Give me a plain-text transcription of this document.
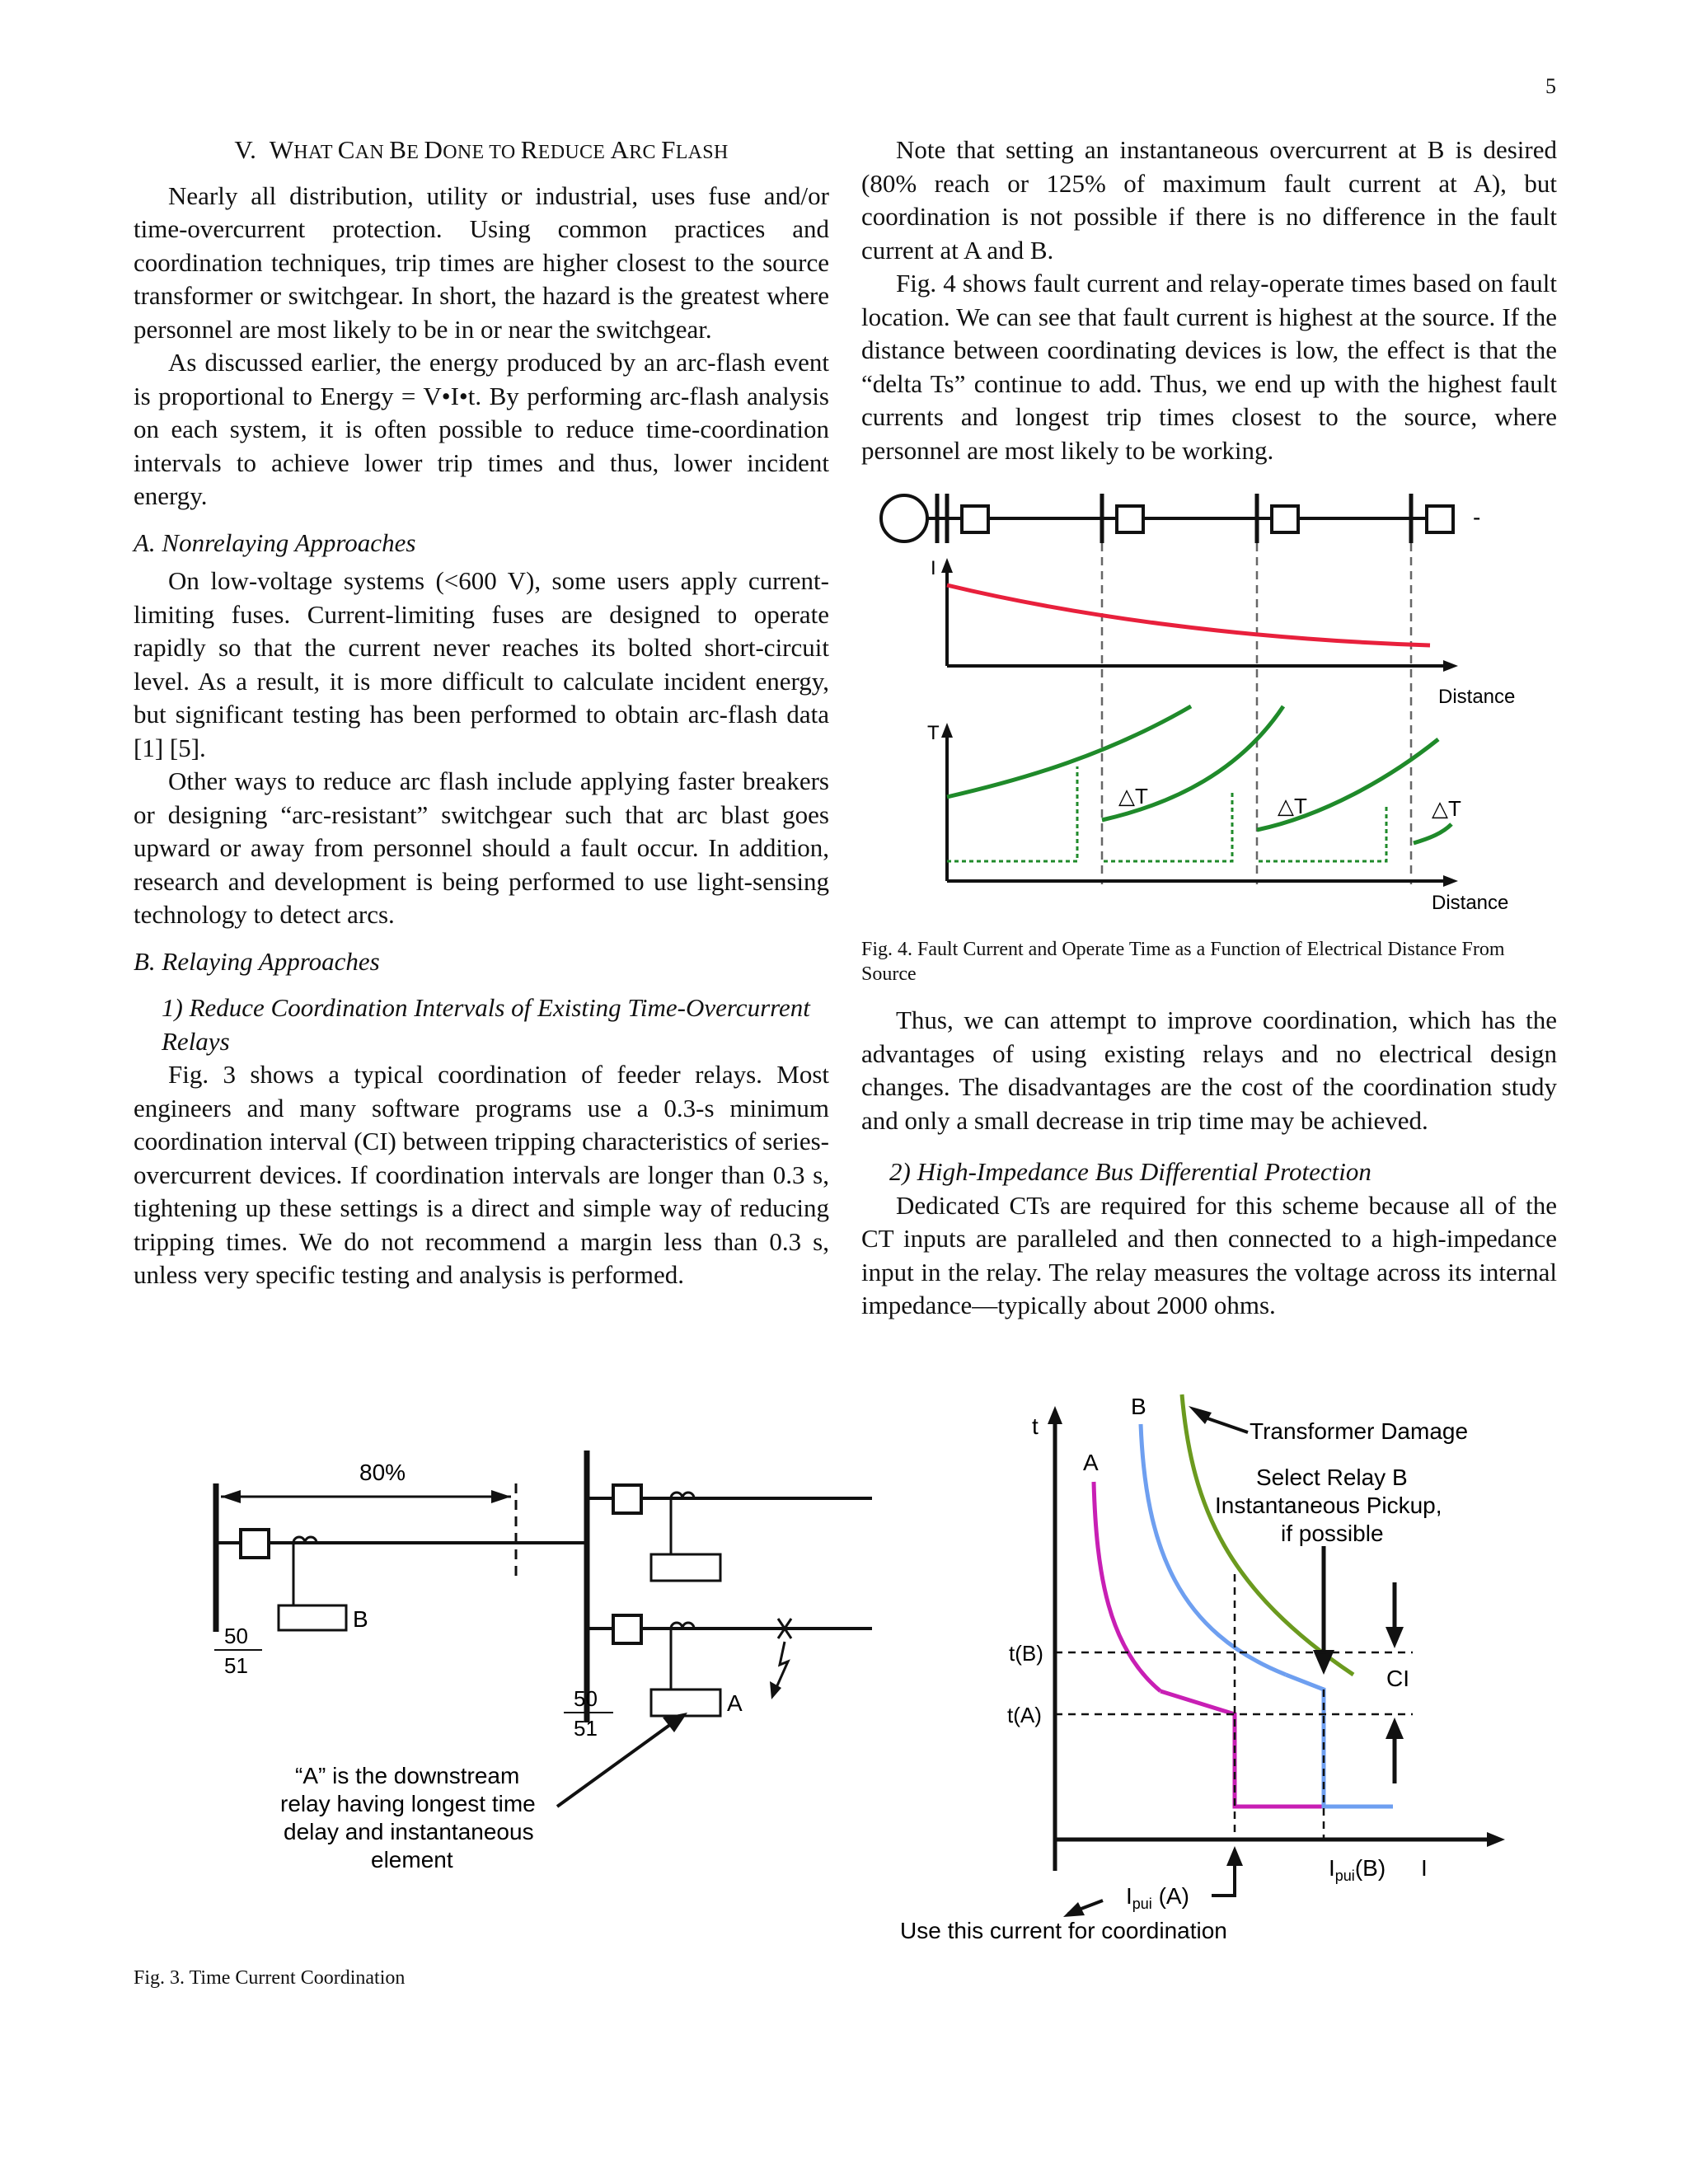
5
V. WHAT CAN BE DONE TO REDUCE ARC FLASH

Nearly all distribution, utility or industrial, uses fuse and/or time-overcurrent protection. Using common practices and coordination techniques, trip times are higher closest to the source transformer or switchgear. In short, the hazard is the greatest where personnel are most likely to be in or near the switchgear.

As discussed earlier, the energy produced by an arc-flash event is proportional to Energy = V•I•t. By performing arc-flash analysis on each system, it is often possible to reduce time-coordination intervals to achieve lower trip times and thus, lower incident energy.

A. Nonrelaying Approaches

On low-voltage systems (<600 V), some users apply current-limiting fuses. Current-limiting fuses are designed to operate rapidly so that the current never reaches its bolted short-circuit level. As a result, it is more difficult to calculate incident energy, but significant testing has been performed to obtain arc-flash data [1] [5].

Other ways to reduce arc flash include applying faster breakers or designing “arc-resistant” switchgear such that arc blast goes upward or away from personnel should a fault occur. In addition, research and development is being performed to use light-sensing technology to detect arcs.

B. Relaying Approaches
1) Reduce Coordination Intervals of Existing Time-Overcurrent Relays

Fig. 3 shows a typical coordination of feeder relays. Most engineers and many software programs use a 0.3-s minimum coordination interval (CI) between tripping characteristics of series-overcurrent devices. If coordination intervals are longer than 0.3 s, tightening up these settings is a direct and simple way of reducing tripping times. We do not recommend a margin less than 0.3 s, unless very specific testing and analysis is performed.

Note that setting an instantaneous overcurrent at B is desired (80% reach or 125% of maximum fault current at A), but coordination is not possible if there is no difference in the fault current at A and B.

Fig. 4 shows fault current and relay-operate times based on fault location. We can see that fault current is highest at the source. If the distance between coordinating devices is low, the effect is that the “delta Ts” continue to add. Thus, we end up with the highest fault currents and longest trip times closest to the source, where personnel are most likely to be working.

-
I
Distance
T
Distance
△T	△T	△T
Fig. 4. Fault Current and Operate Time as a Function of Electrical Distance From Source

Thus, we can attempt to improve coordination, which has the advantages of using existing relays and no electrical design changes. The disadvantages are the cost of the coordination study and only a small decrease in trip time may be achieved.

2) High-Impedance Bus Differential Protection

Dedicated CTs are required for this scheme because all of the CT inputs are paralleled and then connected to a high-impedance input in the relay. The relay measures the voltage across its internal impedance—typically about 2000 ohms.

80%
B
50
51
A
50
51
“A” is the downstream
relay having longest time
delay and instantaneous
element
t
I
A
B
Transformer Damage
Select Relay B
Instantaneous Pickup,
if possible
t(B)
t(A)
CI
$I_{pui}$ (A)
$I_{pui}(B)$
Use this current for coordination
Fig. 3. Time Current Coordination
